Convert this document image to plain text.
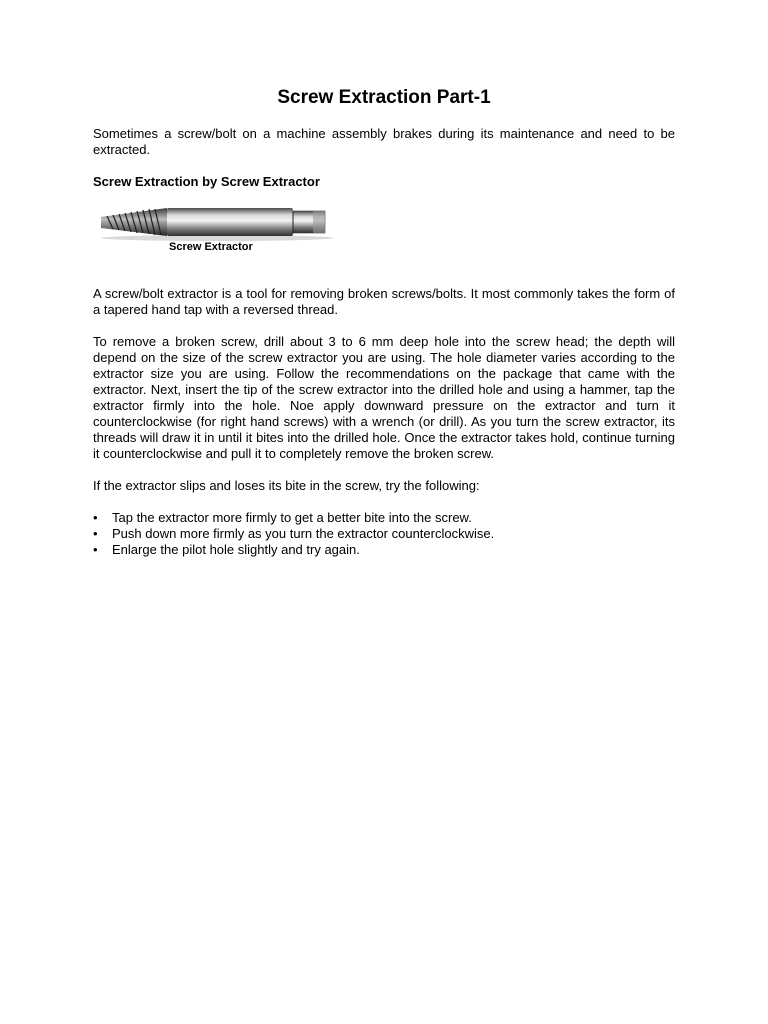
Screw Extraction Part-1

Sometimes a screw/bolt on a machine assembly brakes during its maintenance and need to be extracted.

Screw Extraction by Screw Extractor
Screw Extractor

A screw/bolt extractor is a tool for removing broken screws/bolts. It most commonly takes the form of a tapered hand tap with a reversed thread.

To remove a broken screw, drill about 3 to 6 mm deep hole into the screw head; the depth will depend on the size of the screw extractor you are using. The hole diameter varies according to the extractor size you are using. Follow the recommendations on the package that came with the extractor. Next, insert the tip of the screw extractor into the drilled hole and using a hammer, tap the extractor firmly into the hole. Noe apply downward pressure on the extractor and turn it counterclockwise (for right hand screws) with a wrench (or drill). As you turn the screw extractor, its threads will draw it in until it bites into the drilled hole. Once the extractor takes hold, continue turning it counterclockwise and pull it to completely remove the broken screw.

If the extractor slips and loses its bite in the screw, try the following:

• Tap the extractor more firmly to get a better bite into the screw.
• Push down more firmly as you turn the extractor counterclockwise.
• Enlarge the pilot hole slightly and try again.
